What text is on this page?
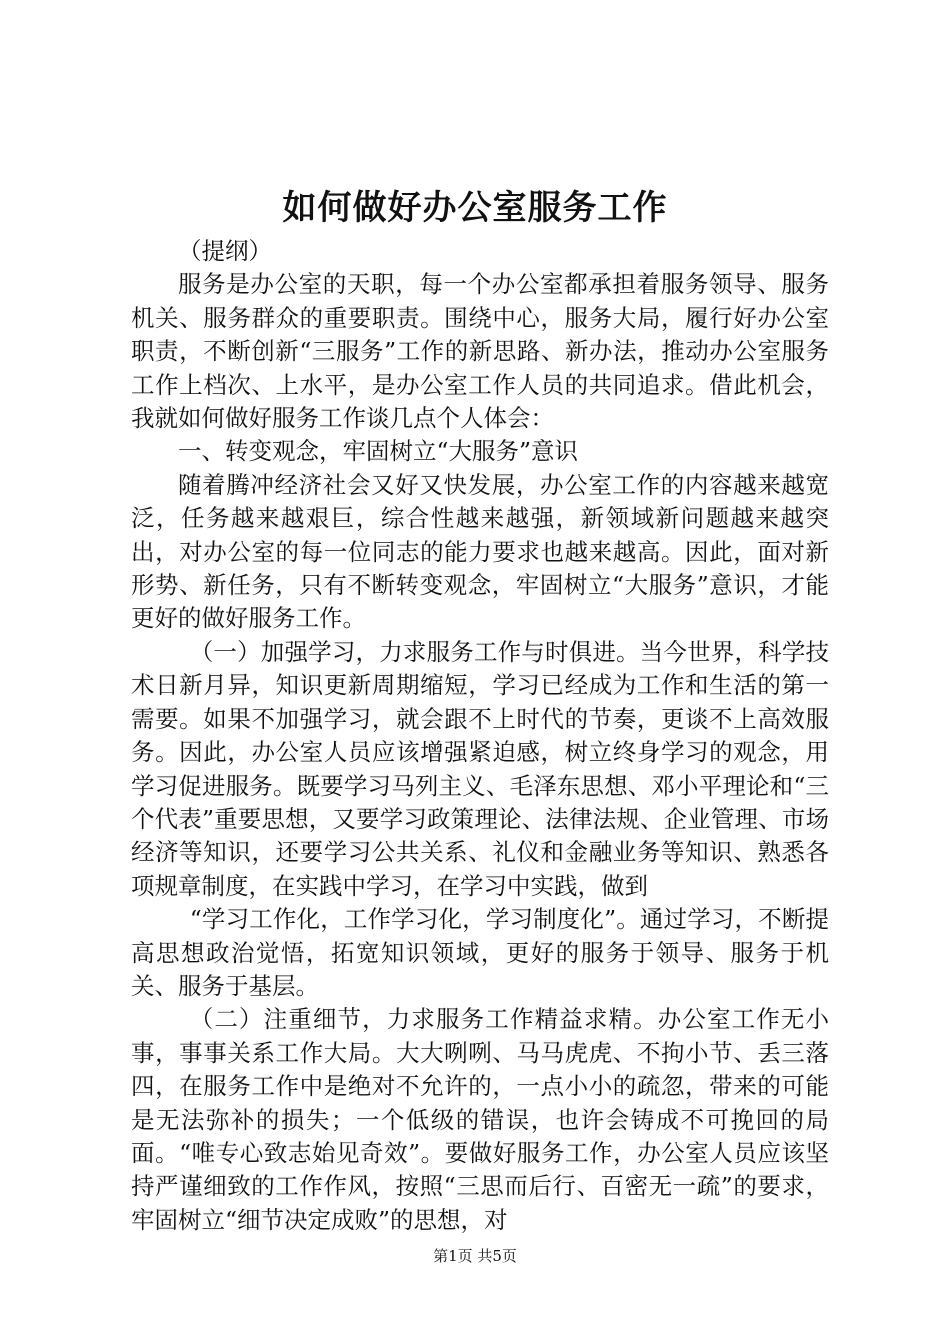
如何做好办公室服务工作

（提纲）

服务是办公室的天职，每一个办公室都承担着服务领导、服务机关、服务群众的重要职责。围绕中心，服务大局，履行好办公室职责，不断创新“三服务”工作的新思路、新办法，推动办公室服务工作上档次、上水平，是办公室工作人员的共同追求。借此机会，我就如何做好服务工作谈几点个人体会：

一、转变观念，牢固树立“大服务”意识

随着腾冲经济社会又好又快发展，办公室工作的内容越来越宽泛，任务越来越艰巨，综合性越来越强，新领域新问题越来越突出，对办公室的每一位同志的能力要求也越来越高。因此，面对新形势、新任务，只有不断转变观念，牢固树立“大服务”意识，才能更好的做好服务工作。

（一）加强学习，力求服务工作与时俱进。当今世界，科学技术日新月异，知识更新周期缩短，学习已经成为工作和生活的第一需要。如果不加强学习，就会跟不上时代的节奏，更谈不上高效服务。因此，办公室人员应该增强紧迫感，树立终身学习的观念，用学习促进服务。既要学习马列主义、毛泽东思想、邓小平理论和“三个代表”重要思想，又要学习政策理论、法律法规、企业管理、市场经济等知识，还要学习公共关系、礼仪和金融业务等知识、熟悉各项规章制度，在实践中学习，在学习中实践，做到

“学习工作化，工作学习化，学习制度化”。通过学习，不断提高思想政治觉悟，拓宽知识领域，更好的服务于领导、服务于机关、服务于基层。

（二）注重细节，力求服务工作精益求精。办公室工作无小事，事事关系工作大局。大大咧咧、马马虎虎、不拘小节、丢三落四，在服务工作中是绝对不允许的，一点小小的疏忽，带来的可能是无法弥补的损失；一个低级的错误，也许会铸成不可挽回的局面。“唯专心致志始见奇效”。要做好服务工作，办公室人员应该坚持严谨细致的工作作风，按照“三思而后行、百密无一疏”的要求，牢固树立“细节决定成败”的思想，对

第1页 共5页
